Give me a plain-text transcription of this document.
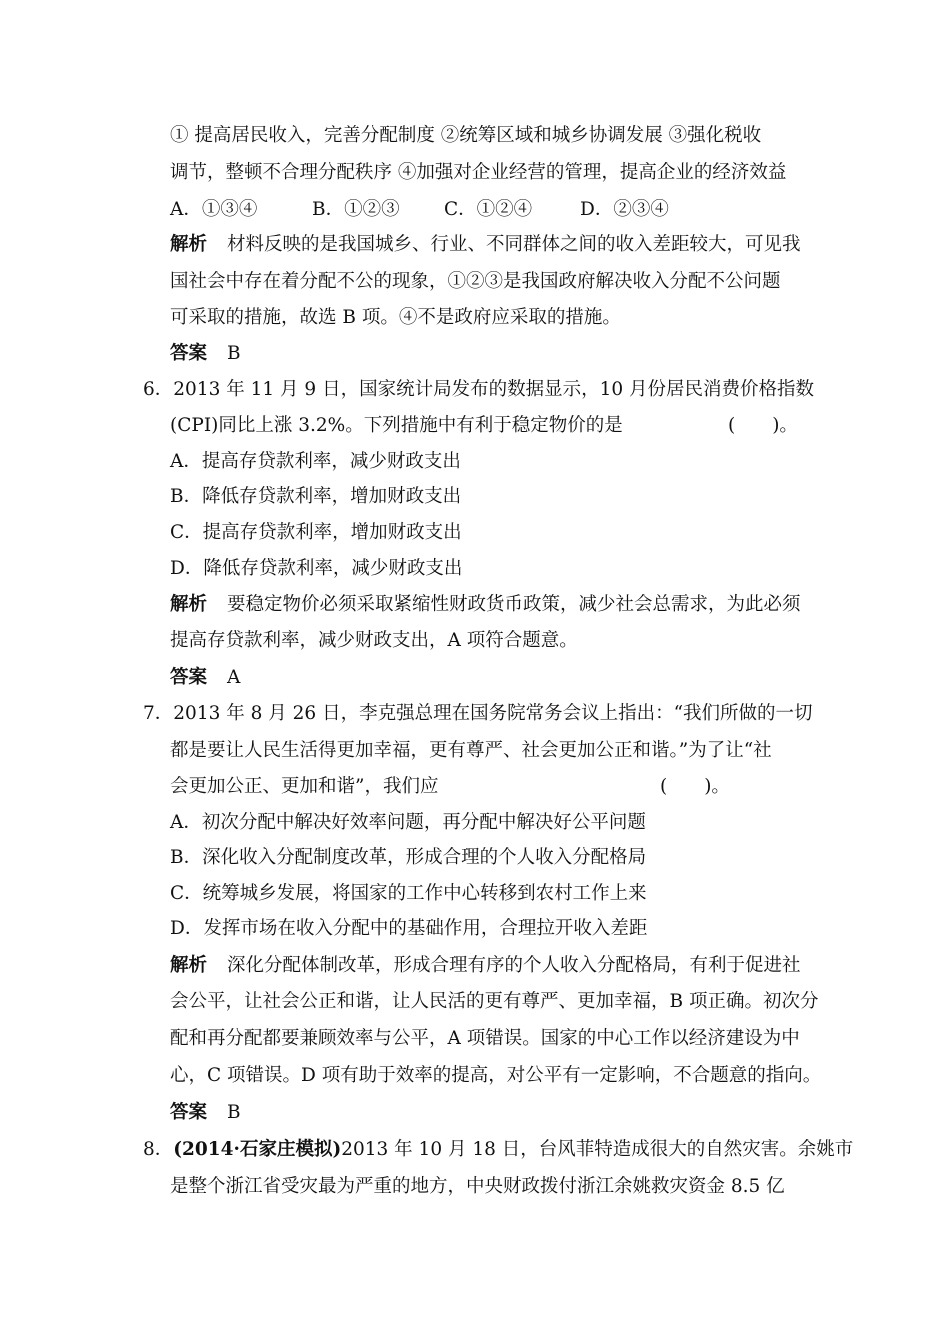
① 提高居民收入，完善分配制度 ②统筹区域和城乡协调发展 ③强化税收
调节，整顿不合理分配秩序 ④加强对企业经营的管理，提高企业的经济效益
A．①③④	B．①②③ C．①②④	D．②③④
解析 材料反映的是我国城乡、行业、不同群体之间的收入差距较大，可见我
国社会中存在着分配不公的现象，①②③是我国政府解决收入分配不公问题
可采取的措施，故选 B 项。④不是政府应采取的措施。
答案 B
6．2013 年 11 月 9 日，国家统计局发布的数据显示，10 月份居民消费价格指数
(CPI)同比上涨 3.2%。下列措施中有利于稳定物价的是	(　　)。
A．提高存贷款利率，减少财政支出
B．降低存贷款利率，增加财政支出
C．提高存贷款利率，增加财政支出
D．降低存贷款利率，减少财政支出
解析 要稳定物价必须采取紧缩性财政货币政策，减少社会总需求，为此必须
提高存贷款利率，减少财政支出，A 项符合题意。
答案 A
7．2013 年 8 月 26 日，李克强总理在国务院常务会议上指出：“我们所做的一切
都是要让人民生活得更加幸福，更有尊严、社会更加公正和谐。”为了让“社
会更加公正、更加和谐”，我们应	(　　)。
A．初次分配中解决好效率问题，再分配中解决好公平问题
B．深化收入分配制度改革，形成合理的个人收入分配格局
C．统筹城乡发展，将国家的工作中心转移到农村工作上来
D．发挥市场在收入分配中的基础作用，合理拉开收入差距
解析 深化分配体制改革，形成合理有序的个人收入分配格局，有利于促进社
会公平，让社会公正和谐，让人民活的更有尊严、更加幸福，B 项正确。初次分
配和再分配都要兼顾效率与公平，A 项错误。国家的中心工作以经济建设为中
心，C 项错误。D 项有助于效率的提高，对公平有一定影响，不合题意的指向。
答案 B
8．(2014·石家庄模拟)2013 年 10 月 18 日，台风菲特造成很大的自然灾害。余姚市
是整个浙江省受灾最为严重的地方，中央财政拨付浙江余姚救灾资金 8.5 亿
